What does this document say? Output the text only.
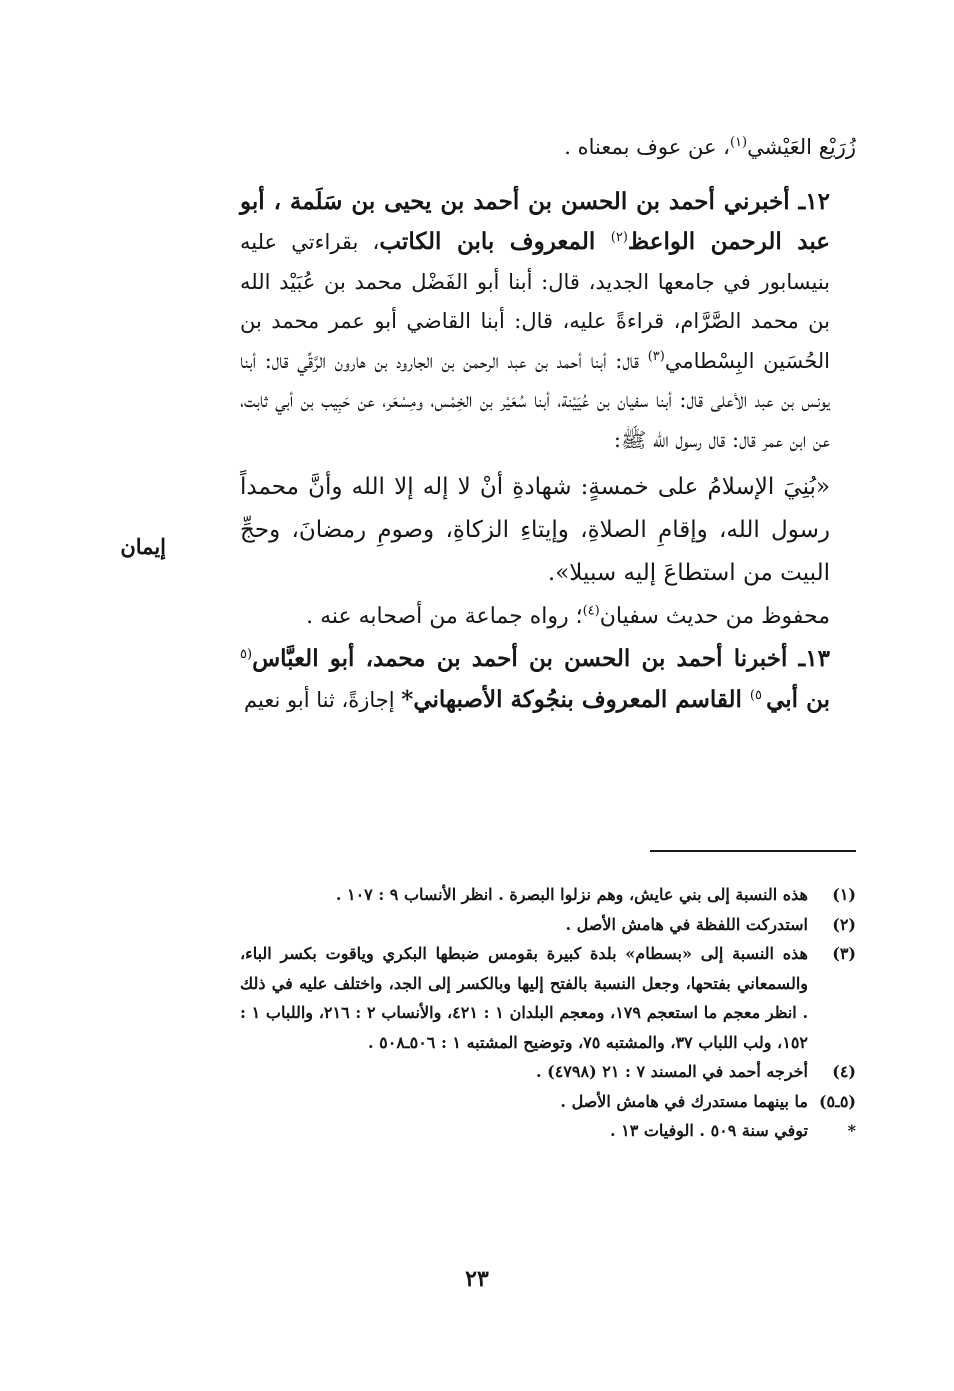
زُرَيْع العَيْشي$^{(١)}$، عن عوف بمعناه .

١٢ـ أخبرني أحمد بن الحسن بن أحمد بن يحيى بن سَلَمة ، أبو عبد الرحمن الواعظ$^{(٢)}$ المعروف بابن الكاتب، بقراءتي عليه بنيسابور في جامعها الجديد، قال: أبنا أبو الفَضْل محمد بن عُبَيْد الله بن محمد الصَّرَّام، قراءةً عليه، قال: أبنا القاضي أبو عمر محمد بن الحُسَين البِسْطامي$^{(٣)}$ قال: أبنا أحمد بن عبد الرحمن بن الجارود بن هارون الرَّقِّي قال: أبنا يونس بن عبد الأعلى قال: أبنا سفيان بن عُيَيْنة، أبنا سُعَيْر بن الخِمْس، ومِسْعَر، عن حَبِيب بن أبي ثابت، عن ابن عمر قال: قال رسول الله ﷺ:

«بُنِيَ الإسلامُ على خمسةٍ: شهادةِ أنْ لا إله إلا الله وأنَّ محمداً رسول الله، وإقامِ الصلاةِ، وإيتاءِ الزكاةِ، وصومِ رمضانَ، وحجِّ البيت من استطاعَ إليه سبيلا».

محفوظ من حديث سفيان$^{(٤)}$؛ رواه جماعة من أصحابه عنه .

١٣ـ أخبرنا أحمد بن الحسن بن أحمد بن محمد، أبو العبَّاس$^{(٥}$ بن أبي $^{٥)}$ القاسم المعروف بنجُوكة الأصبهاني* إجازةً، ثنا أبو نعيم

إيمان

(١)
هذه النسبة إلى بني عايش، وهم نزلوا البصرة . انظر الأنساب ٩ : ١٠٧ .

(٢)
استدركت اللفظة في هامش الأصل .

(٣)
هذه النسبة إلى «بسطام» بلدة كبيرة بقومس ضبطها البكري وياقوت بكسر الباء، والسمعاني بفتحها، وجعل النسبة بالفتح إليها وبالكسر إلى الجد، واختلف عليه في ذلك . انظر معجم ما استعجم ١٧٩، ومعجم البلدان ١ : ٤٢١، والأنساب ٢ : ٢١٦، واللباب ١ : ١٥٢، ولب اللباب ٣٧، والمشتبه ٧٥، وتوضيح المشتبه ١ : ٥٠٦ـ٥٠٨ .

(٤)
أخرجه أحمد في المسند ٧ : ٢١ (٤٧٩٨) .

(٥ـ٥)
ما بينهما مستدرك في هامش الأصل .

*
توفي سنة ٥٠٩ . الوفيات ١٣ .

٢٣
